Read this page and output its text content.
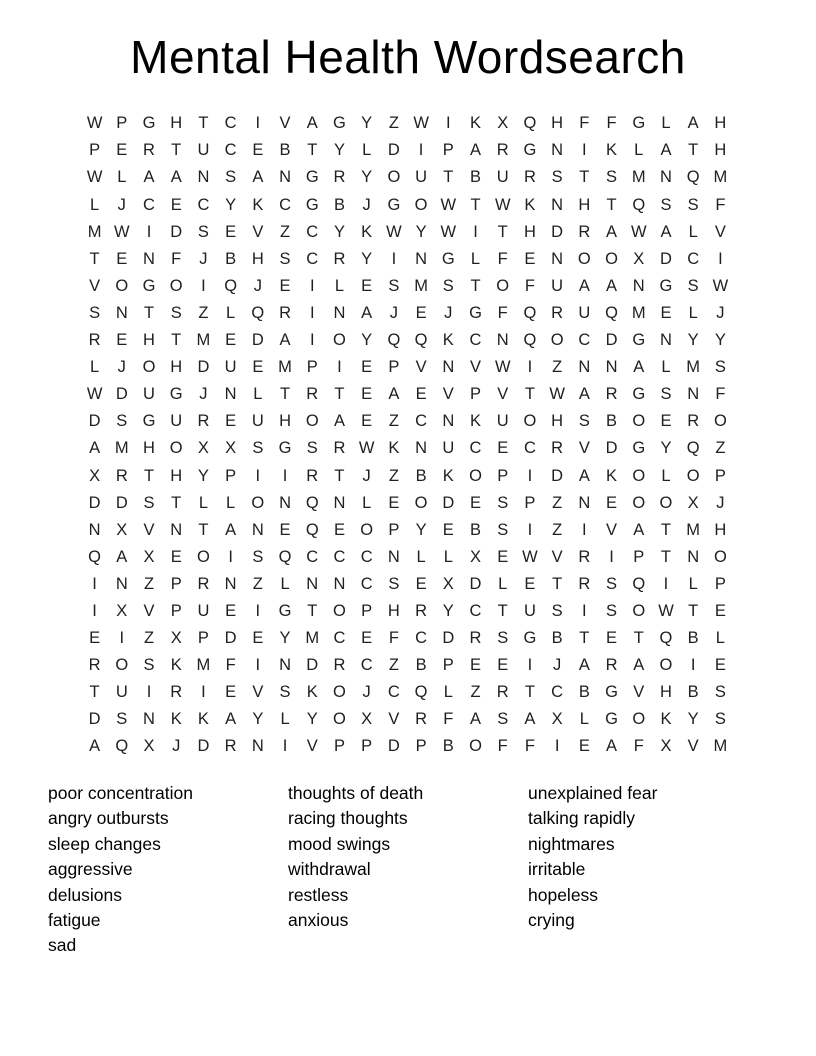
Mental Health Wordsearch
W P G H T C	I	V A G Y	Z W	I	K X Q H F	F G L	A H
P E R T U C E B	T	Y	L	D	I	P A R G N	I	K	L	A	T H
W L	A A N S A N G R Y O U T	B U R S	T	S M N Q M
L	J	C E C Y K C G B	J	G O W T W K N H T Q S S	F
M W	I	D S E V	Z C Y K W Y W	I	T H D R A W A	L	V
T	E N F	J	B H S C R Y	I	N G L	F	E N O O X D C	I
V O G O	I	Q	J	E	I	L	E S M S	T O F U A A N G S W
S N T	S	Z	L Q R	I	N A	J	E	J	G F Q R U Q M E	L	J
R E H T M E D A	I	O Y Q Q K C N Q O C D G N Y Y
L	J	O H D U E M P	I	E P V N V W	I	Z N N A	L M S
W D U G	J	N	L	T R T	E A E V P V	T W A R G S N F
D S G U R E U H O A E	Z C N K U O H S B O E R O
A M H O X X S G S R W K N U C E C R V D G Y Q Z
X R T H Y P	I	I	R T	J	Z	B K O P	I	D A K O L O P
D D S	T	L	L O N Q N	L	E O D E S P	Z N E O O X	J
N X V N T	A N E Q E O P Y E B S	I	Z	I	V A	T M H
Q A X E O	I	S Q C C C N	L	L	X E W V R	I	P	T N O
I	N Z	P R N Z	L	N N C S E X D	L	E	T R S Q	I	L	P
I	X V P U E	I	G T O P H R Y C T U S	I	S O W T	E
E	I	Z	X P D E Y M C E	F C D R S G B	T	E	T Q B	L
R O S K M F	I	N D R C Z	B P E E	I	J	A R A O	I	E
T U	I	R	I	E V S K O	J	C Q L	Z R T C B G V H B S
D S N K K A Y	L	Y O X V R F	A S A X	L G O K Y S
A Q X	J	D R N	I	V P P D P B O F	F	I	E A	F	X V M
poor concentration
angry outbursts
sleep changes
aggressive
delusions
fatigue
sad
thoughts of death
racing thoughts
mood swings
withdrawal
restless
anxious
unexplained fear
talking rapidly
nightmares
irritable
hopeless
crying
